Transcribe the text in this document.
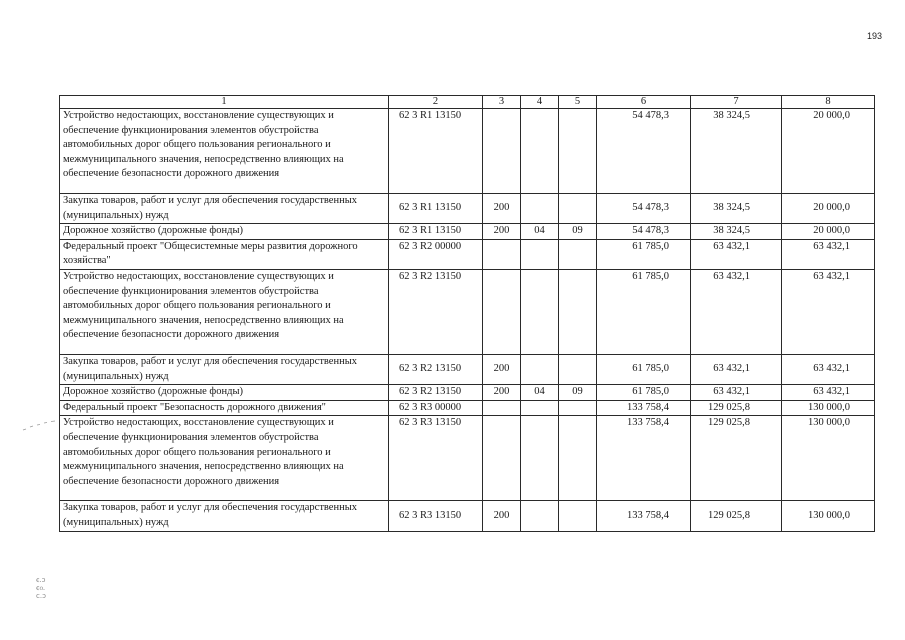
193
1	2	3	4	5	6	7	8
Устройство недостающих, восстановление существующих и обеспечение функционирования элементов обустройства автомобильных дорог общего пользования регионального и межмуниципального значения, непосредственно влияющих на обеспечение безопасности дорожного движения	62 3 R1 13150				54 478,3	38 324,5	20 000,0
Закупка товаров, работ и услуг для обеспечения государственных (муниципальных) нужд	62 3 R1 13150	200			54 478,3	38 324,5	20 000,0
Дорожное хозяйство (дорожные фонды)	62 3 R1 13150	200	04	09	54 478,3	38 324,5	20 000,0
Федеральный проект "Общесистемные меры развития дорожного хозяйства"	62 3 R2 00000				61 785,0	63 432,1	63 432,1
Устройство недостающих, восстановление существующих и обеспечение функционирования элементов обустройства автомобильных дорог общего пользования регионального и межмуниципального значения, непосредственно влияющих на обеспечение безопасности дорожного движения	62 3 R2 13150				61 785,0	63 432,1	63 432,1
Закупка товаров, работ и услуг для обеспечения государственных (муниципальных) нужд	62 3 R2 13150	200			61 785,0	63 432,1	63 432,1
Дорожное хозяйство (дорожные фонды)	62 3 R2 13150	200	04	09	61 785,0	63 432,1	63 432,1
Федеральный проект "Безопасность дорожного движения"	62 3 R3 00000				133 758,4	129 025,8	130 000,0
Устройство недостающих, восстановление существующих и обеспечение функционирования элементов обустройства автомобильных дорог общего пользования регионального и межмуниципального значения, непосредственно влияющих на обеспечение безопасности дорожного движения	62 3 R3 13150				133 758,4	129 025,8	130 000,0
Закупка товаров, работ и услуг для обеспечения государственных (муниципальных) нужд	62 3 R3 13150	200			133 758,4	129 025,8	130 000,0
ꞓ.ↄ
ꞓ᧐.
ⅽ.ↄ
